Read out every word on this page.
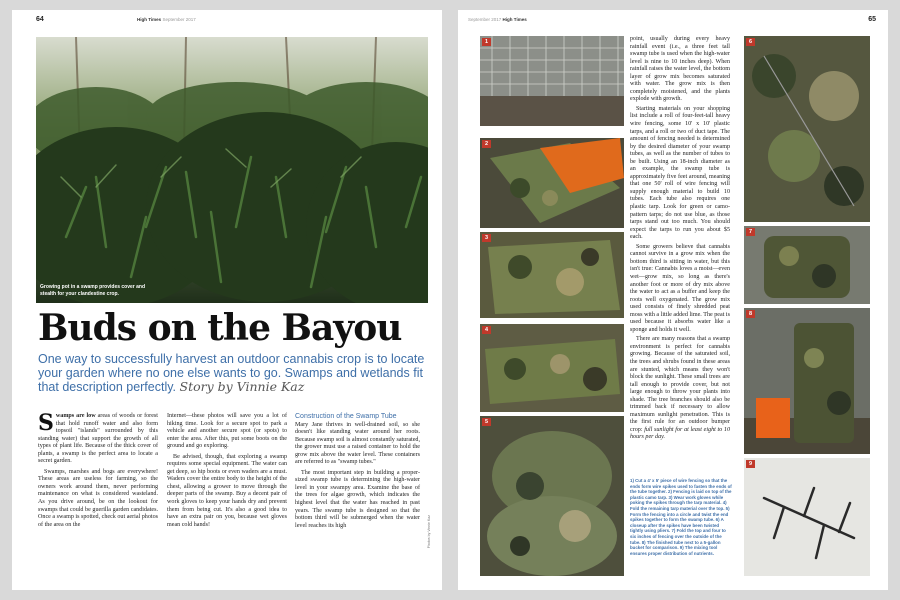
64	High Times September 2017
Growing pot in a swamp provides cover and stealth for your clandestine crop.
Buds on the Bayou
One way to successfully harvest an outdoor cannabis crop is to locate your garden where no one else wants to go. Swamps and wetlands fit that description perfectly. Story by Vinnie Kaz

Swamps are low areas of woods or forest that hold runoff water and also form topsoil "islands" surrounded by this standing water) that support the growth of all types of plant life. Because of the thick cover of plants, a swamp is the perfect area to locate a secret garden.

Swamps, marshes and bogs are everywhere! These areas are useless for farming, so the owners work around them, never performing maintenance on what is considered wasteland. As you drive around, be on the lookout for swamps that could be guerilla garden candidates. Once a swamp is spotted, check out aerial photos of the area on the

Internet—these photos will save you a lot of hiking time. Look for a secure spot to park a vehicle and another secure spot (or spots) to enter the area. After this, put some boots on the ground and go exploring.

Be advised, though, that exploring a swamp requires some special equipment. The water can get deep, so hip boots or even waders are a must. Waders cover the entire body to the height of the chest, allowing a grower to move through the deeper parts of the swamp. Buy a decent pair of work gloves to keep your hands dry and prevent them from being cut. It's also a good idea to have an extra pair on you, because wet gloves mean cold hands!

Construction of the Swamp Tube

Mary Jane thrives in well-drained soil, so she doesn't like standing water around her roots. Because swamp soil is almost constantly saturated, the grower must use a raised container to hold the grow mix above the water level. These containers are referred to as "swamp tubes."

The most important step in building a proper-sized swamp tube is determining the high-water level in your swampy area. Examine the base of the trees for algae growth, which indicates the highest level that the water has reached in past years. The swamp tube is designed so that the bottom third will be submerged when the water level reaches its high	Photos by Vinnie Kaz
September 2017 High Times	65
1
2
3
4
5
6
7
8
9

point, usually during every heavy rainfall event (i.e., a three feet tall swamp tube is used when the high-water level is nine to 10 inches deep). When rainfall raises the water level, the bottom layer of grow mix becomes saturated with water. The grow mix is then completely moistened, and the plants explode with growth.

Starting materials on your shopping list include a roll of four-feet-tall heavy wire fencing, some 10' x 10' plastic tarps, and a roll or two of duct tape. The amount of fencing needed is determined by the desired diameter of your swamp tubes, as well as the number of tubes to be built. Using an 18-inch diameter as an example, the swamp tube is approximately five feet around, meaning that one 50' roll of wire fencing will supply enough material to build 10 tubes. Each tube also requires one plastic tarp. Look for green or camo-pattern tarps; do not use blue, as those tarps stand out too much. You should expect the tarps to run you about $5 each.

Some growers believe that cannabis cannot survive in a grow mix when the bottom third is sitting in water, but this isn't true: Cannabis loves a moist—even wet—grow mix, so long as there's another foot or more of dry mix above the water to act as a buffer and keep the roots well oxygenated. The grow mix used consists of finely shredded peat moss with a little added lime. The peat is used because it absorbs water like a sponge and holds it well.

There are many reasons that a swamp environment is perfect for cannabis growing. Because of the saturated soil, the trees and shrubs found in these areas are stunted, which means they won't block the sunlight. These small trees are tall enough to provide cover, but not large enough to throw your plants into shade. The tree branches should also be trimmed back if necessary to allow maximum sunlight penetration. This is the first rule for an outdoor bumper crop: full sunlight for at least eight to 10 hours per day.

1) Cut a 4' x 5' piece of wire fencing so that the ends form wire spikes used to fasten the ends of the tube together. 2) Fencing is laid on top of the plastic camo tarp. 3) Wear work gloves while poking the spikes through the tarp material. 4) Fold the remaining tarp material over the top. 5) Form the fencing into a circle and twist the end spikes together to form the swamp tube. 6) A closeup after the spikes have been twisted tightly using pliers. 7) Fold the top and four to six inches of fencing over the outside of the tube. 8) The finished tube next to a 5-gallon bucket for comparison. 9) The mixing tool ensures proper distribution of nutrients.
